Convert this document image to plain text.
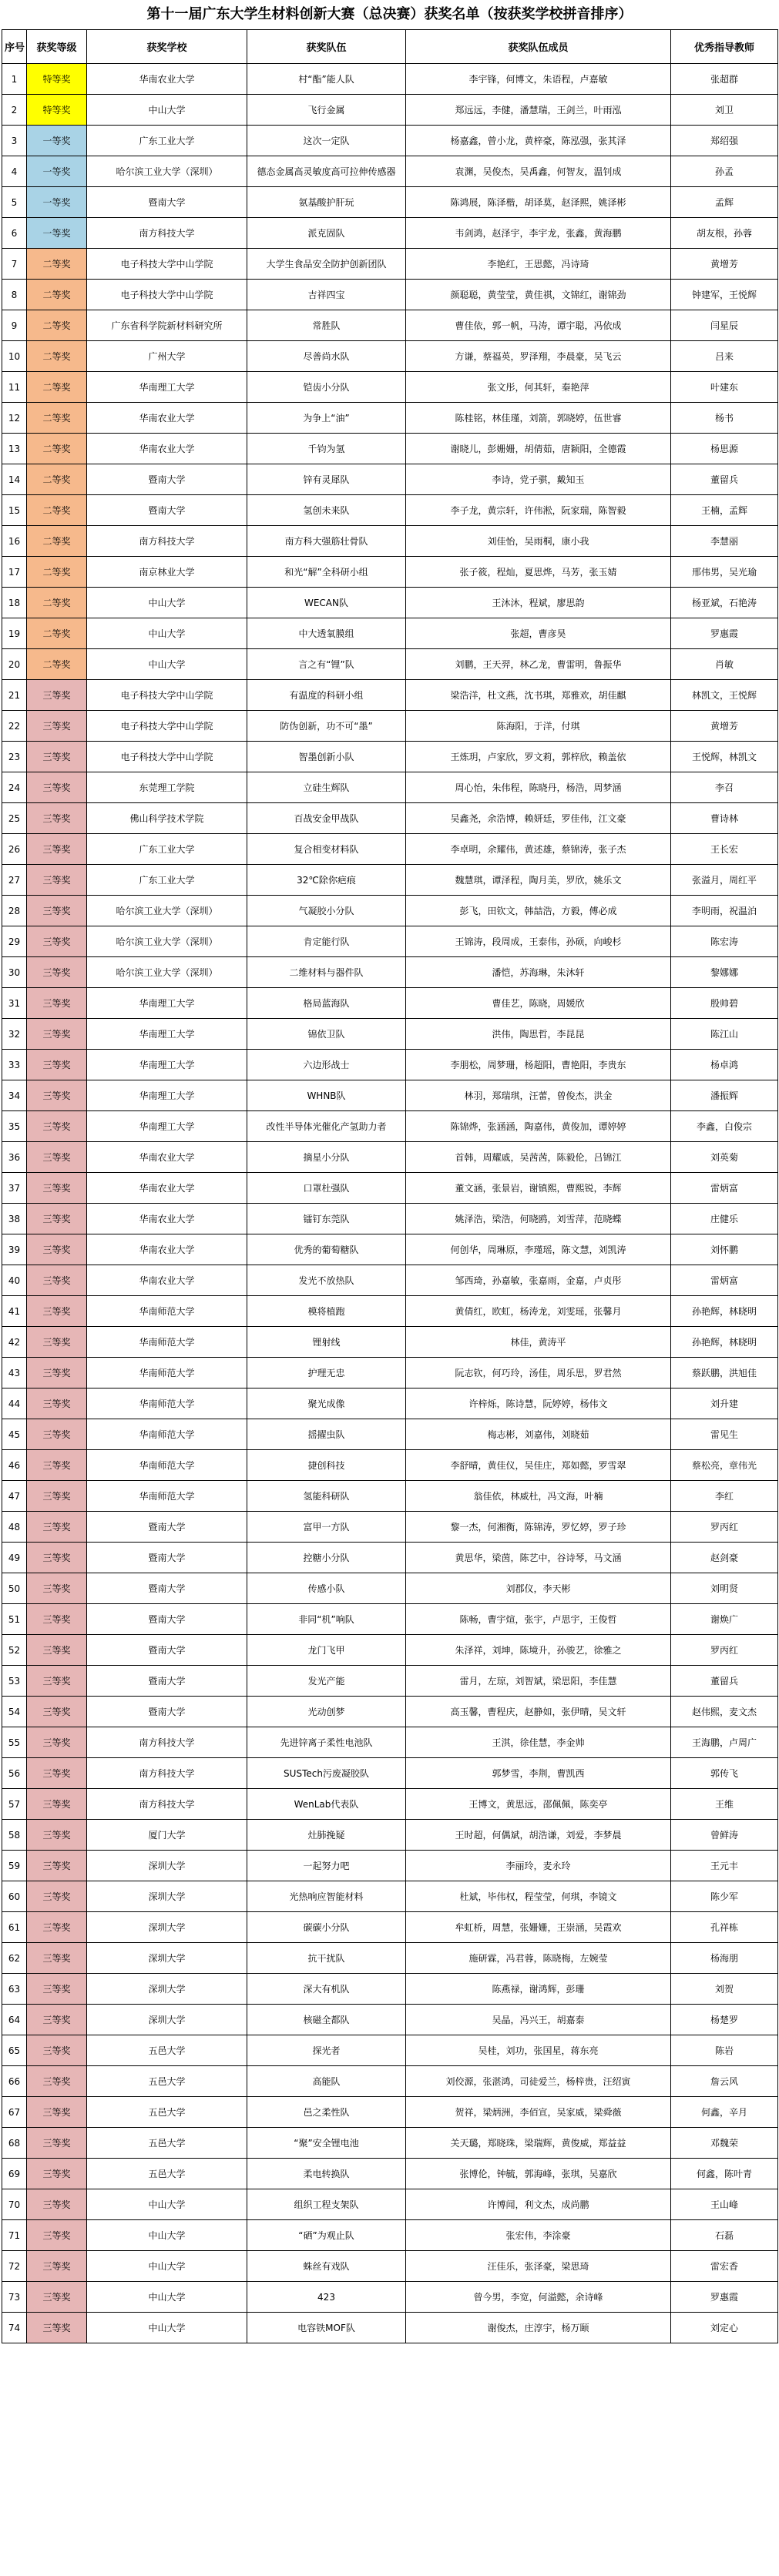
第十一届广东大学生材料创新大赛（总决赛）获奖名单（按获奖学校拼音排序）
序号	获奖等级	获奖学校	获奖队伍	获奖队伍成员	优秀指导教师
1	特等奖	华南农业大学	村“酯”能人队	李宇锋，何博文，朱语程，卢嘉敏	张超群
2	特等奖	中山大学	飞行金属	郑远远，李健，潘慧瑞，王剑兰，叶雨泓	刘卫
3	一等奖	广东工业大学	这次一定队	杨嘉鑫，曾小龙，黄梓豪，陈泓强，张其泽	郑绍强
4	一等奖	哈尔滨工业大学（深圳）	德态金属高灵敏度高可拉伸传感器	袁渊，吴俊杰，吴禹鑫，何智友，温钊成	孙孟
5	一等奖	暨南大学	氨基酸护肝玩	陈鸿展，陈泽楷，胡译莫，赵泽熙，姚泽彬	孟辉
6	一等奖	南方科技大学	派克固队	韦剑鸿，赵泽宇，李宇龙，张鑫，黄海鹏	胡友根，孙蓉
7	二等奖	电子科技大学中山学院	大学生食品安全防护创新团队	李艳红，王思懿，冯诗琦	黄增芳
8	二等奖	电子科技大学中山学院	吉祥四宝	颜聪聪，黄莹莹，黄佳祺，文锦红，谢锦劲	钟建军，王悦辉
9	二等奖	广东省科学院新材料研究所	常胜队	曹佳依，郭一帆，马涛，谭宇聪，冯依成	闫星辰
10	二等奖	广州大学	尽善尚水队	方谦，蔡福英，罗泽翔，李晨豪，吴飞云	吕来
11	二等奖	华南理工大学	铠齿小分队	张文彤，何其轩，秦艳萍	叶建东
12	二等奖	华南农业大学	为争上“油”	陈桂铭，林佳瑾，刘箭，郭晓婷，伍世睿	杨书
13	二等奖	华南农业大学	千钧为氢	谢晓儿，彭姗姗，胡倩茹，唐颖阳，全德霞	杨思源
14	二等奖	暨南大学	锌有灵犀队	李诗，党子骐，戴知玉	董留兵
15	二等奖	暨南大学	氢创未来队	李子龙，黄宗轩，许伟淞，阮家瑞，陈智毅	王楠，孟辉
16	二等奖	南方科技大学	南方科大强筋壮骨队	刘佳怡，吴雨桐，康小我	李慧丽
17	二等奖	南京林业大学	和光“解”全科研小组	张子筱，程灿，夏思烨，马芳，张玉婧	邢伟男，吴光瑜
18	二等奖	中山大学	WECAN队	王沐沐，程斌，廖思韵	杨亚斌，石艳涛
19	二等奖	中山大学	中大透氧膜组	张超，曹彦昊	罗惠霞
20	二等奖	中山大学	言之有“锂”队	刘鹏，王天羿，林乙龙，曹雷明，鲁振华	肖敏
21	三等奖	电子科技大学中山学院	有温度的科研小组	梁浩洋，杜文燕，沈书琪，郑雅欢，胡佳麒	林凯文，王悦辉
22	三等奖	电子科技大学中山学院	防伪创新，功不可“墨”	陈海阳，于洋，付琪	黄增芳
23	三等奖	电子科技大学中山学院	智墨创新小队	王炼玥，卢家欣，罗文莉，郭梓欣，赖盖依	王悦辉，林凯文
24	三等奖	东莞理工学院	立硅生辉队	周心怡，朱伟程，陈晓丹，杨浩，周梦涵	李召
25	三等奖	佛山科学技术学院	百战安金甲战队	吴鑫尧，余浩博，赖妍廷，罗佳伟，江文豪	曹诗林
26	三等奖	广东工业大学	复合相变材料队	李卓明，余耀伟，黄述雄，蔡锦涛，张子杰	王长宏
27	三等奖	广东工业大学	32℃除你疤痕	魏慧琪，谭泽程，陶月美，罗欣，姚乐文	张溢月，周红平
28	三等奖	哈尔滨工业大学（深圳）	气凝胶小分队	彭飞，田钦文，韩喆浩，方毅，傅必成	李明雨，祝温泊
29	三等奖	哈尔滨工业大学（深圳）	肯定能行队	王锦涛，段周成，王泰伟，孙硕，向峻杉	陈宏涛
30	三等奖	哈尔滨工业大学（深圳）	二维材料与器件队	潘恺，苏海琳，朱沐轩	黎娜娜
31	三等奖	华南理工大学	格局蓝海队	曹佳艺，陈晓，周媛欣	殷帅碧
32	三等奖	华南理工大学	锦依卫队	洪伟，陶思哲，李昆昆	陈江山
33	三等奖	华南理工大学	六边形战士	李朋松，周梦珊，杨超阳，曹艳阳，李贵东	杨卓鸿
34	三等奖	华南理工大学	WHNB队	林羽，郑瑞琪，汪蕾，曾俊杰，洪金	潘振辉
35	三等奖	华南理工大学	改性半导体光催化产氢助力者	陈锦烨，张涵涵，陶嘉伟，黄俊加，谭婷婷	李鑫，白俊宗
36	三等奖	华南农业大学	摘星小分队	首韩，周耀戚，吴茜茜，陈毅伦，吕锦江	刘英菊
37	三等奖	华南农业大学	口罩杜强队	董文涵，张景岩，谢镇熙，曹熙锐，李辉	雷炳富
38	三等奖	华南农业大学	镭钉东莞队	姚泽浩，梁浩，何晓鸥，刘雪萍，范晓蝶	庄健乐
39	三等奖	华南农业大学	优秀的葡萄糖队	何创华，周琳原，李瑾瑶，陈文慧，刘凯涛	刘怀鹏
40	三等奖	华南农业大学	发光不放热队	邹西琦，孙嘉敏，张嘉雨，金嘉，卢贞彤	雷炳富
41	三等奖	华南师范大学	模将植跑	黄倩红，欧虹，杨涛龙，刘雯瑶，张馨月	孙艳辉，林晓明
42	三等奖	华南师范大学	锂射线	林佳，黄涛平	孙艳辉，林晓明
43	三等奖	华南师范大学	护理无忠	阮志钦，何巧玲，汤佳，周乐思，罗君然	蔡跃鹏，洪旭佳
44	三等奖	华南师范大学	聚光成像	许梓烁，陈诗慧，阮婷婷，杨伟文	刘升建
45	三等奖	华南师范大学	揺擢虫队	梅志彬，刘嘉伟，刘晓茹	雷见生
46	三等奖	华南师范大学	捷创科技	李舒晴，黄佳仪，吴佳庄，郑如懿，罗雪翠	蔡松亮，章伟光
47	三等奖	华南师范大学	氢能科研队	翁佳依，林威杜，冯文海，叶楠	李红
48	三等奖	暨南大学	富甲一方队	黎一杰，何湘衡，陈锦涛，罗忆婷，罗子珍	罗丙红
49	三等奖	暨南大学	控糖小分队	黄思华，梁茵，陈艺中，谷诗琴，马文涵	赵剑豪
50	三等奖	暨南大学	传感小队	刘郡仪，李天彬	刘明贤
51	三等奖	暨南大学	非同“机”响队	陈畅，曹宇煊，张宇，卢思宇，王俊哲	谢焕广
52	三等奖	暨南大学	龙门飞甲	朱泽祥，刘坤，陈境升，孙骏艺，徐雅之	罗丙红
53	三等奖	暨南大学	发光产能	雷月，左琼，刘智斌，梁思阳，李佳慧	董留兵
54	三等奖	暨南大学	光动创梦	高玉馨，曹程庆，赵静如，张伊晴，吴文轩	赵伟熙，麦文杰
55	三等奖	南方科技大学	先进锌离子柔性电池队	王淇，徐佳慧，李金帅	王海鹏，卢周广
56	三等奖	南方科技大学	SUSTech污废凝胶队	郭梦雪，李荆，曹凯西	郭传飞
57	三等奖	南方科技大学	WenLab代表队	王博文，黄思远，邵佩佩，陈奕亭	王维
58	三等奖	厦门大学	灶肺挽疑	王时超，何偶斌，胡浩谦，刘爱，李梦晨	曾鲜涛
59	三等奖	深圳大学	一起努力吧	李丽玲，麦永玲	王元丰
60	三等奖	深圳大学	光热响应智能材料	杜斌，毕伟权，程莹莹，何琪，李镜文	陈少军
61	三等奖	深圳大学	碳碳小分队	牟虹桥，周慧，张姗姗，王崇涵，吴霞欢	孔祥栋
62	三等奖	深圳大学	抗干扰队	施研霖，冯君蓉，陈晓梅，左婉莹	杨海朋
63	三等奖	深圳大学	深大有机队	陈燕禄，谢鸿辉，彭珊	刘贺
64	三等奖	深圳大学	核磁全都队	吴晶，冯兴王，胡嘉泰	杨楚罗
65	三等奖	五邑大学	探光者	吴桂，刘功，张国星，蒋东亮	陈岩
66	三等奖	五邑大学	高能队	刘佼源，张湛鸿，司徒爱兰，杨梓贵，汪绍寅	詹云风
67	三等奖	五邑大学	邑之柔性队	贺祥，梁炳洲，李佰宣，吴家威，梁舜薇	何鑫，辛月
68	三等奖	五邑大学	“聚”安全锂电池	关天璐，郑晓珠，梁瑞辉，黄俊威，郑益益	邓魏荣
69	三等奖	五邑大学	柔电转换队	张博伦，钟毓，郭海峰，张琪，吴嘉欣	何鑫，陈叶青
70	三等奖	中山大学	组织工程支架队	许博闻，利文杰，成尚鹏	王山峰
71	三等奖	中山大学	“硒”为观止队	张宏伟，李涂豪	石磊
72	三等奖	中山大学	蛛丝有戏队	汪佳乐，张泽豪，梁思琦	雷宏香
73	三等奖	中山大学	423	曾今男，李宽，何溢懿，余诗峰	罗惠霞
74	三等奖	中山大学	电容铁MOF队	谢俊杰，庄淳宇，杨万颐	刘定心
